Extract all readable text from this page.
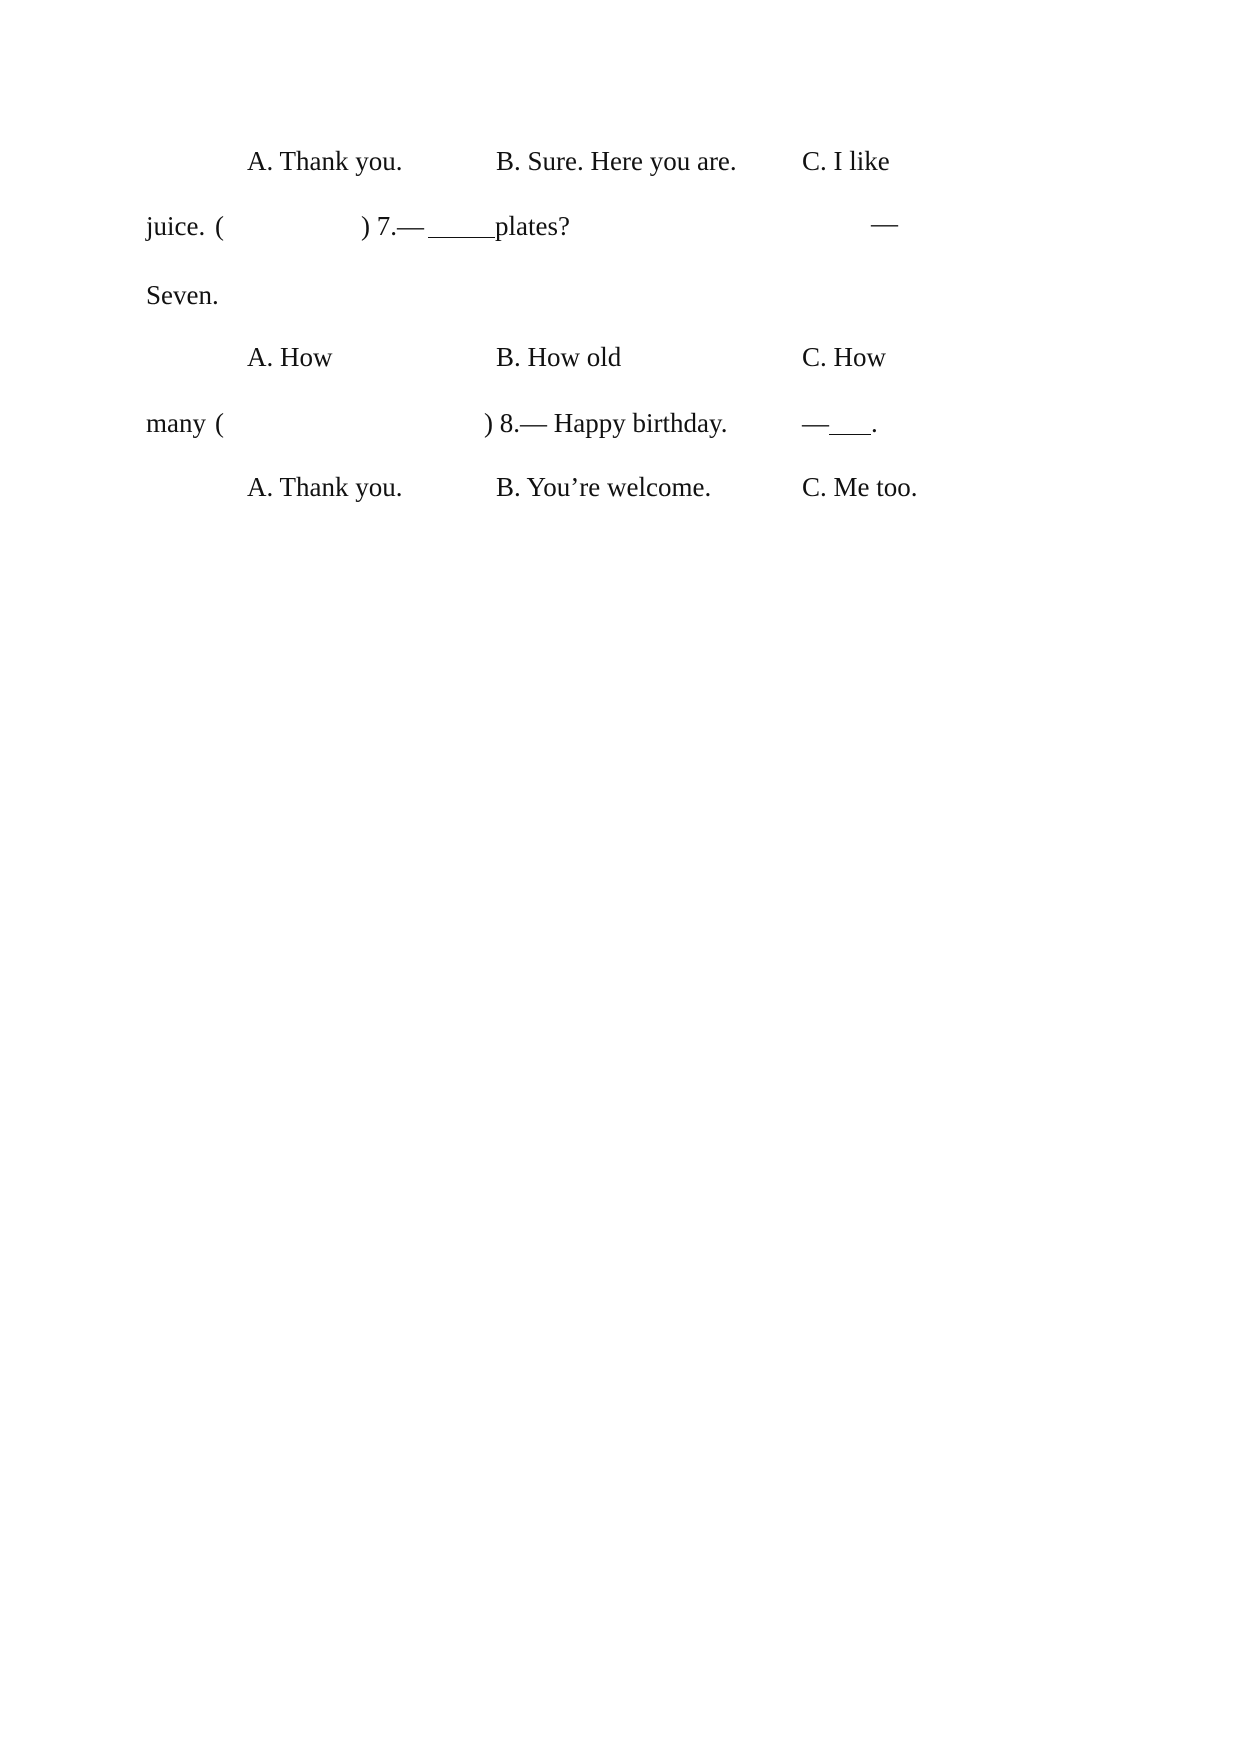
A. Thank you.	B. Sure. Here you are. C. I like
juice. (	) 7.—	plates?	—
Seven.
A. How	B. How old	C. How
many (	) 8.— Happy birthday.	— .
A. Thank you.	B. You’re welcome.	C. Me too.
